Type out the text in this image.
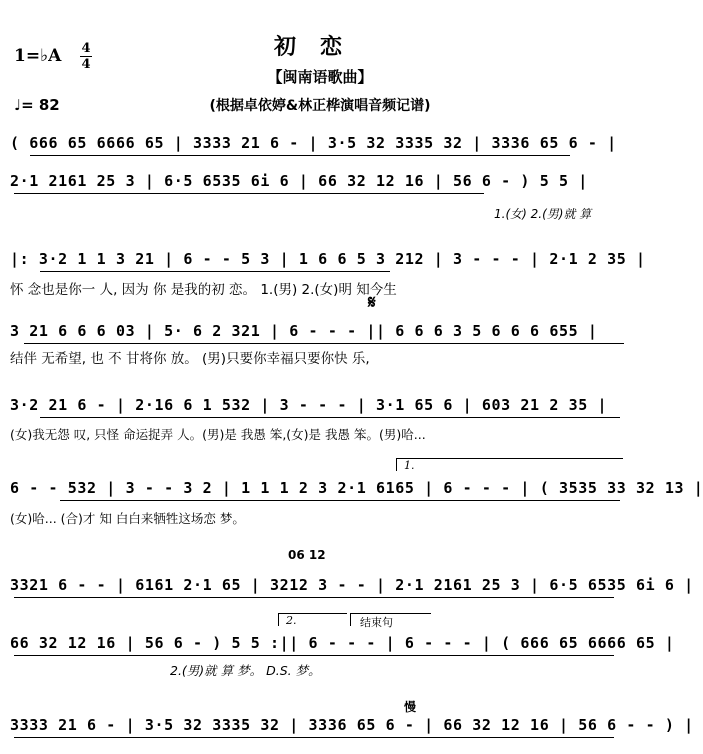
初恋
【闽南语歌曲】
(根据卓依婷&林正桦演唱音频记谱)
1=♭A 4
4
♩= 82
( 666 65 6666 65 | 3333 21 6 - | 3·5 32 3335 32 | 3336 65 6 - |
2·1 2161 25 3 | 6·5 6535 6i 6 | 66 32 12 16 | 56 6 - ) 5 5 |
1.(女) 2.(男)就 算
|: 3·2 1 1 3 21 | 6 - - 5 3 | 1 6 6 5 3 212 | 3 - - - | 2·1 2 35 |
怀 念也是你一 人, 因为 你 是我的初 恋。 1.(男) 2.(女)明 知今生
𝄋
3 21 6 6 6 03 | 5· 6 2 321 | 6 - - - || 6 6 6 3 5 6 6 6 655 |
结伴 无希望, 也 不 甘将你 放。 (男)只要你幸福只要你快 乐,
3·2 21 6 - | 2·16 6 1 532 | 3 - - - | 3·1 65 6 | 603 21 2 35 |
(女)我无怨 叹, 只怪 命运捉弄 人。(男)是 我愚 笨,(女)是 我愚 笨。(男)哈...
1.
6 - - 532 | 3 - - 3 2 | 1 1 1 2 3 2·1 6165 | 6 - - - | ( 3535 33 32 13 |
(女)哈... (合)才 知 白白来牺牲这场恋 梦。
06 12
3321 6 - - | 6161 2·1 65 | 3212 3 - - | 2·1 2161 25 3 | 6·5 6535 6i 6 |
2.	结束句
66 32 12 16 | 56 6 - ) 5 5 :|| 6 - - - | 6 - - - | ( 666 65 6666 65 |
2.(男)就 算 梦。 D.S. 梦。
慢
3333 21 6 - | 3·5 32 3335 32 | 3336 65 6 - | 66 32 12 16 | 56 6 - - ) |
